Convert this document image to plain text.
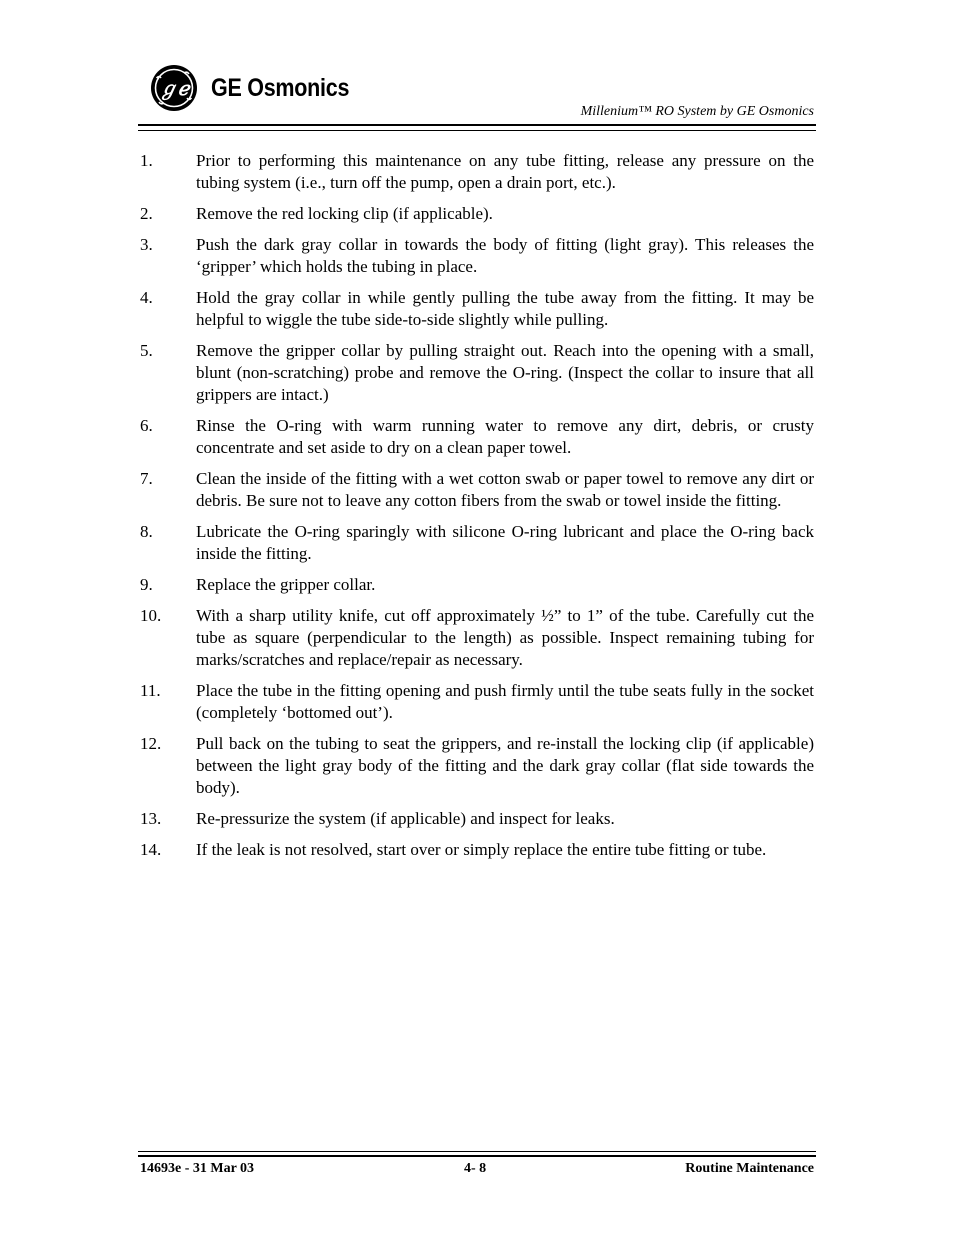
ℊℯ GE Osmonics
Millenium™ RO System by GE Osmonics
1.	Prior to performing this maintenance on any tube fitting, release any pressure on the tubing system (i.e., turn off the pump, open a drain port, etc.).
2.	Remove the red locking clip (if applicable).
3.	Push the dark gray collar in towards the body of fitting (light gray). This releases the ‘gripper’ which holds the tubing in place.
4.	Hold the gray collar in while gently pulling the tube away from the fitting. It may be helpful to wiggle the tube side-to-side slightly while pulling.
5.	Remove the gripper collar by pulling straight out. Reach into the opening with a small, blunt (non-scratching) probe and remove the O-ring. (Inspect the collar to insure that all grippers are intact.)
6.	Rinse the O-ring with warm running water to remove any dirt, debris, or crusty concentrate and set aside to dry on a clean paper towel.
7.	Clean the inside of the fitting with a wet cotton swab or paper towel to remove any dirt or debris. Be sure not to leave any cotton fibers from the swab or towel inside the fitting.
8.	Lubricate the O-ring sparingly with silicone O-ring lubricant and place the O-ring back inside the fitting.
9.	Replace the gripper collar.
10.	With a sharp utility knife, cut off approximately ½” to 1” of the tube. Carefully cut the tube as square (perpendicular to the length) as possible. Inspect remaining tubing for marks/scratches and replace/repair as necessary.
11.	Place the tube in the fitting opening and push firmly until the tube seats fully in the socket (completely ‘bottomed out’).
12.	Pull back on the tubing to seat the grippers, and re-install the locking clip (if applicable) between the light gray body of the fitting and the dark gray collar (flat side towards the body).
13.	Re-pressurize the system (if applicable) and inspect for leaks.
14.	If the leak is not resolved, start over or simply replace the entire tube fitting or tube.
14693e - 31 Mar 03	4- 8	Routine Maintenance
